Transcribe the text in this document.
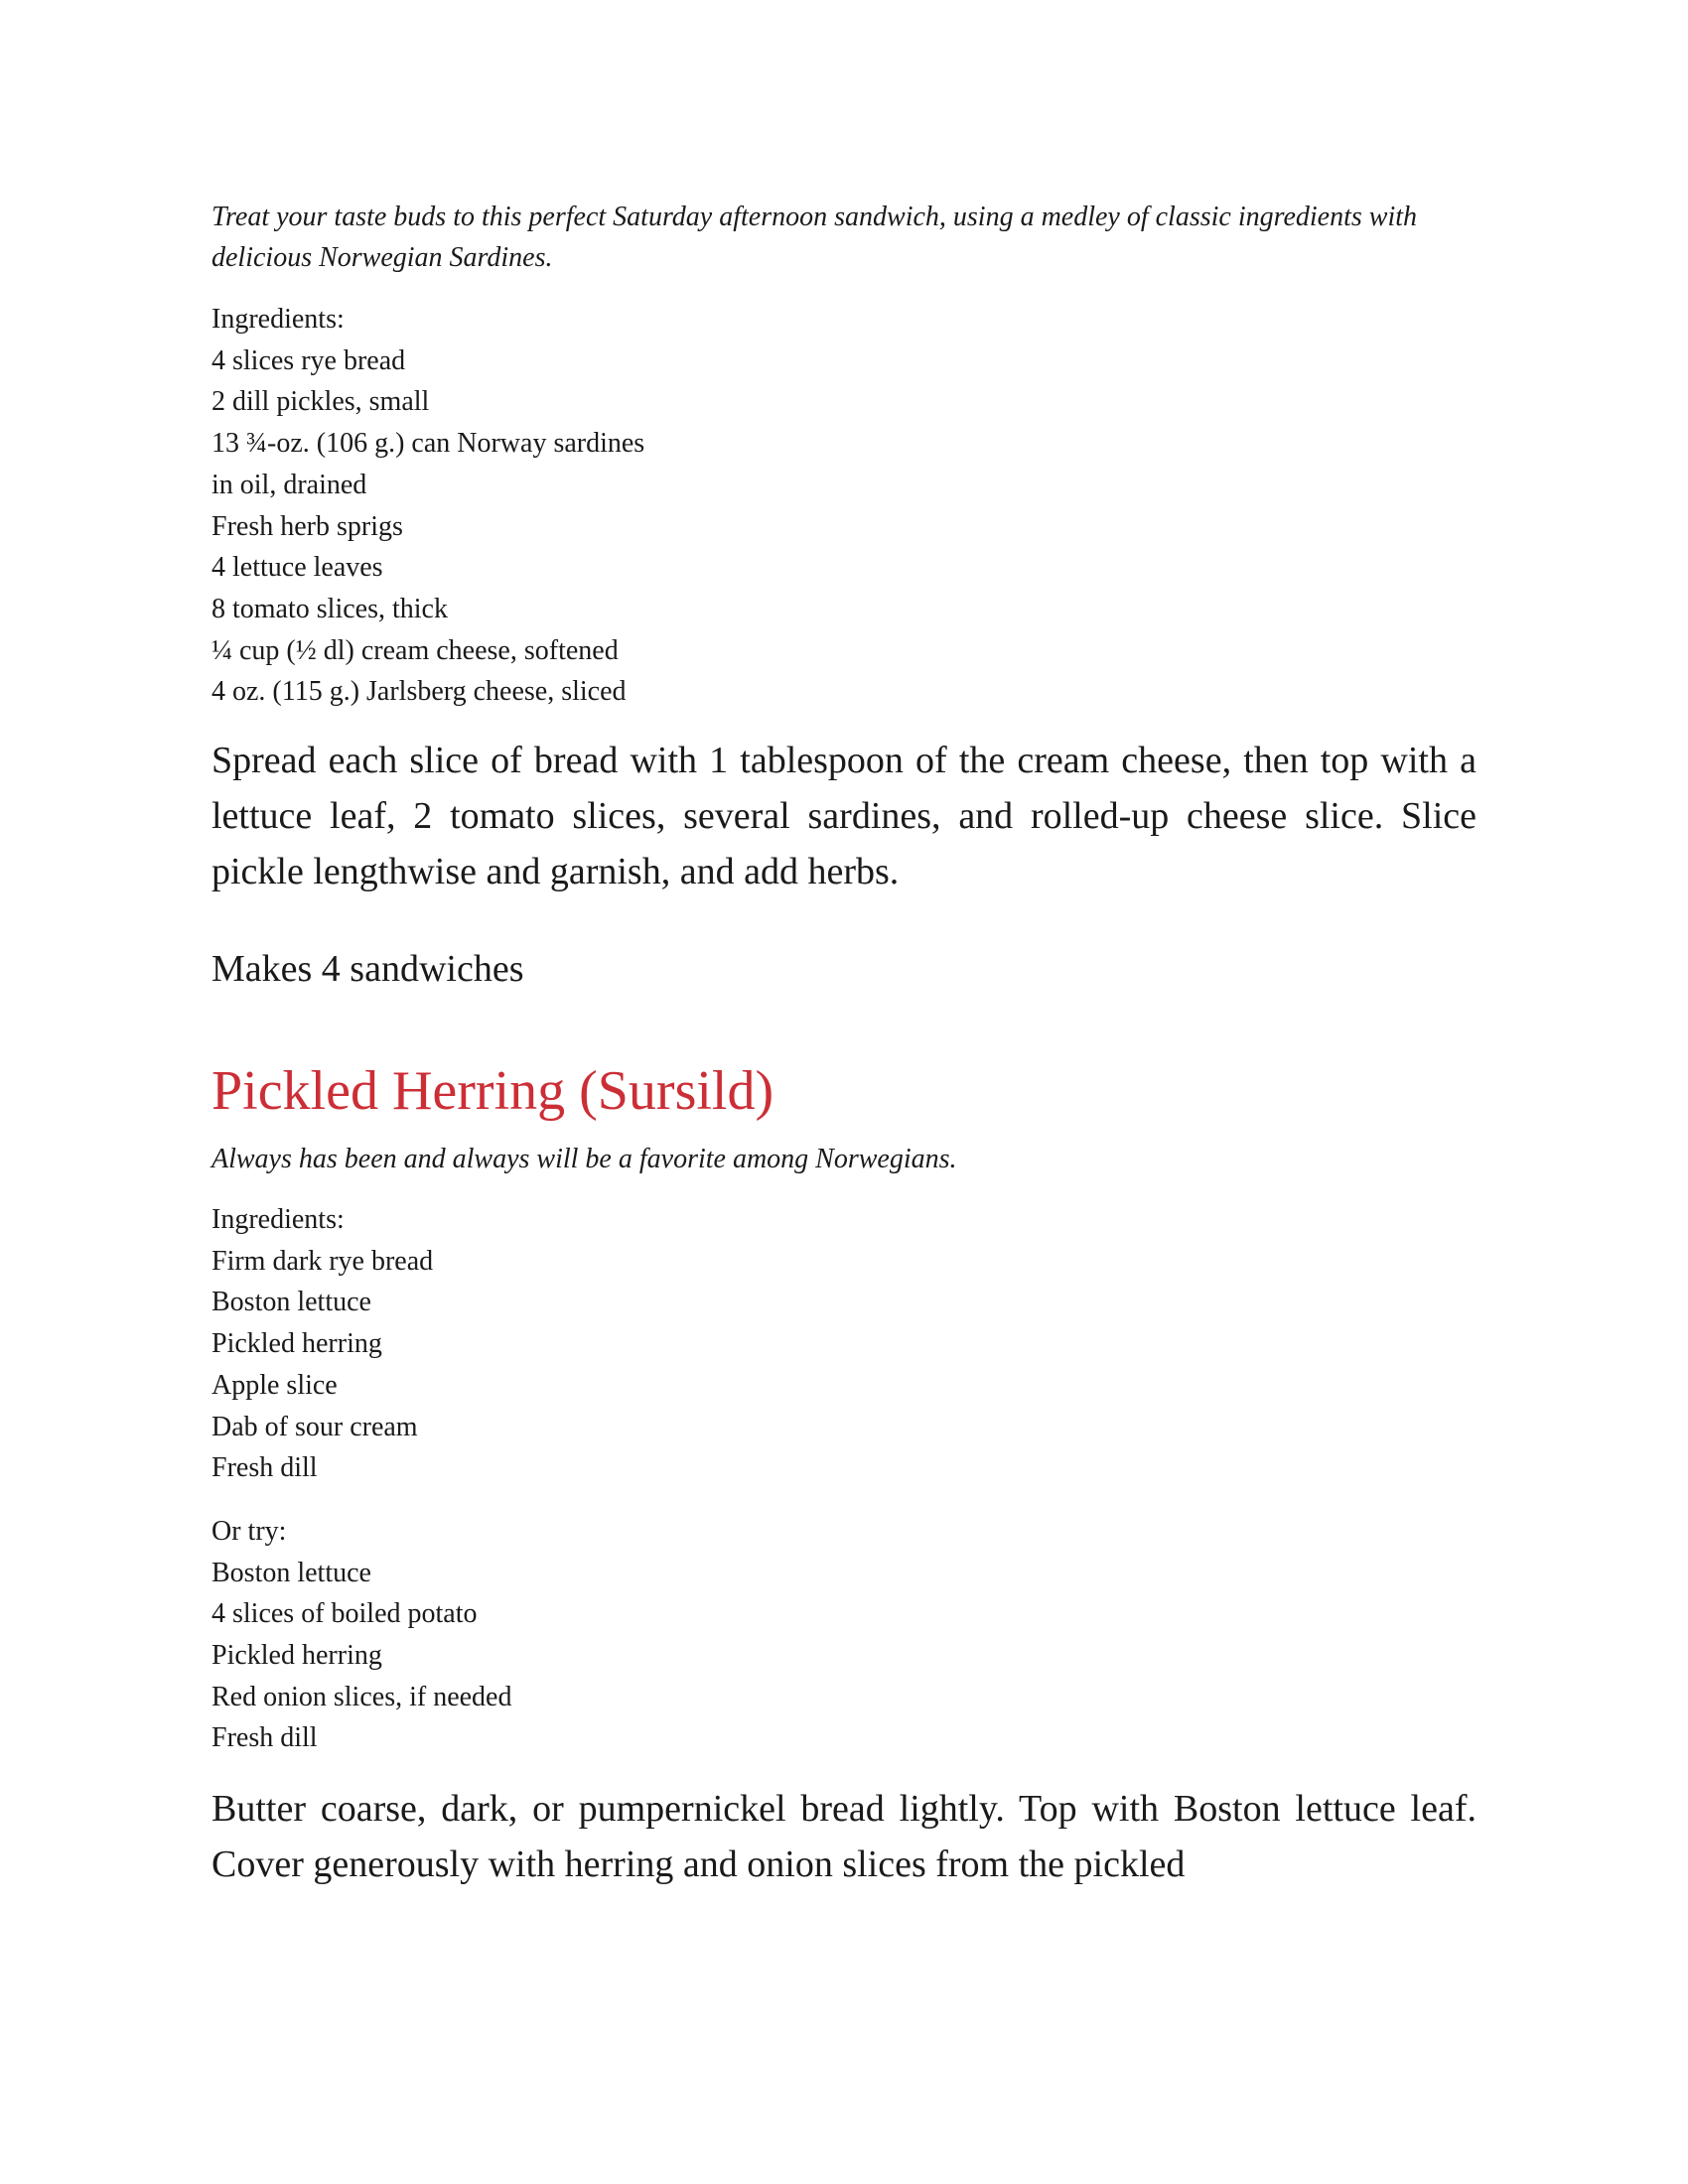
Treat your taste buds to this perfect Saturday afternoon sandwich, using a medley of classic ingredients with delicious Norwegian Sardines.

Ingredients:
4 slices rye bread
2 dill pickles, small
13 ¾-oz. (106 g.) can Norway sardines
in oil, drained
Fresh herb sprigs
4 lettuce leaves
8 tomato slices, thick
¼ cup (½ dl) cream cheese, softened
4 oz. (115 g.) Jarlsberg cheese, sliced

Spread each slice of bread with 1 tablespoon of the cream cheese, then top with a lettuce leaf, 2 tomato slices, several sardines, and rolled-up cheese slice. Slice pickle lengthwise and garnish, and add herbs.

Makes 4 sandwiches

Pickled Herring (Sursild)

Always has been and always will be a favorite among Norwegians.

Ingredients:
Firm dark rye bread
Boston lettuce
Pickled herring
Apple slice
Dab of sour cream
Fresh dill
Or try:
Boston lettuce
4 slices of boiled potato
Pickled herring
Red onion slices, if needed
Fresh dill

Butter coarse, dark, or pumpernickel bread lightly. Top with Boston lettuce leaf. Cover generously with herring and onion slices from the pickled
